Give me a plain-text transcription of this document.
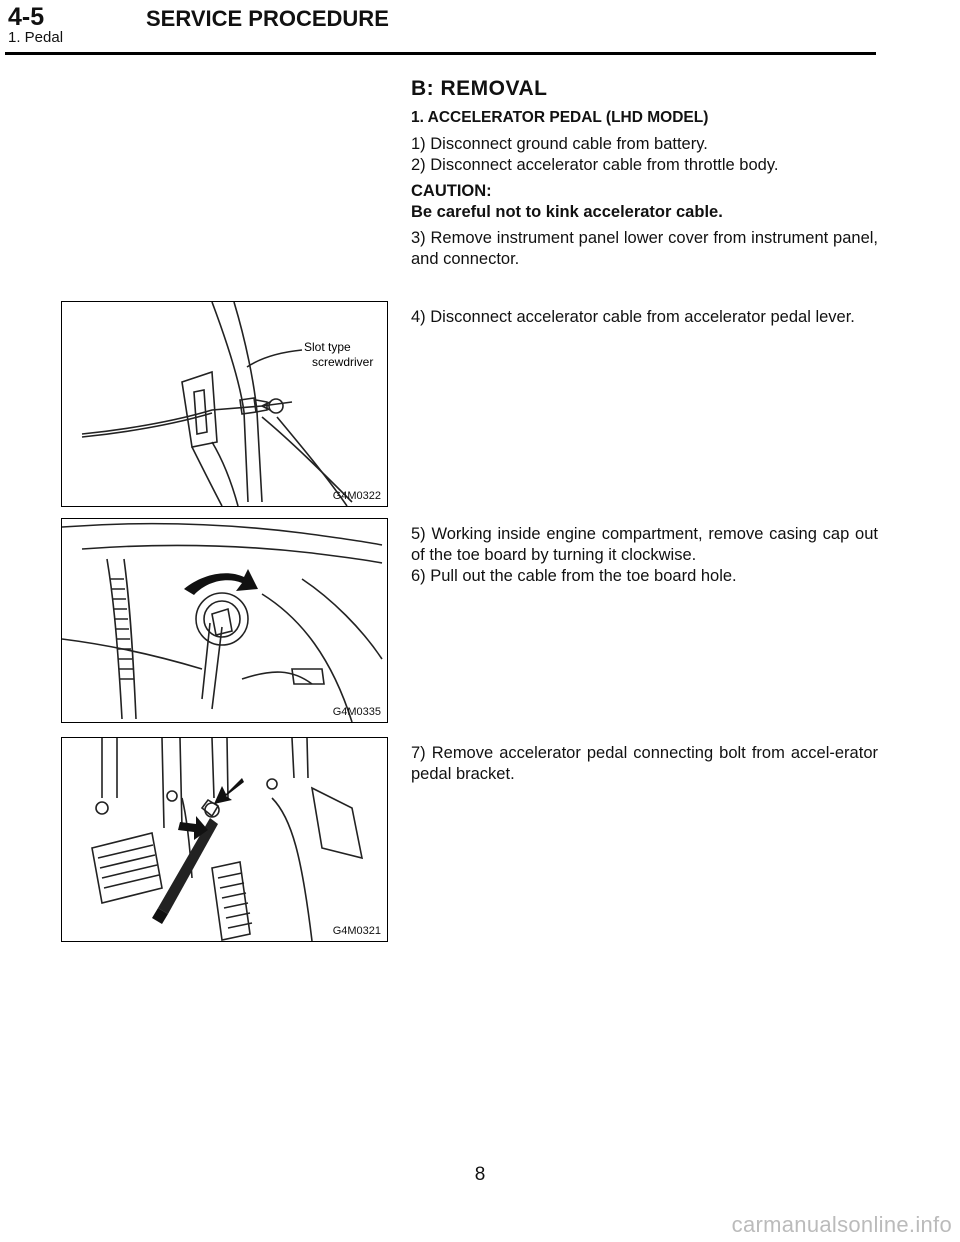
4-5	SERVICE PROCEDURE
1. Pedal
B: REMOVAL
1. ACCELERATOR PEDAL (LHD MODEL)

1) Disconnect ground cable from battery.

2) Disconnect accelerator cable from throttle body.

CAUTION:

Be careful not to kink accelerator cable.

3) Remove instrument panel lower cover from instrument panel, and connector.

4) Disconnect accelerator cable from accelerator pedal lever.

5) Working inside engine compartment, remove casing cap out of the toe board by turning it clockwise.

6) Pull out the cable from the toe board hole.

7) Remove accelerator pedal connecting bolt from accel-erator pedal bracket.
Slot type
screwdriver
G4M0322
G4M0335
G4M0321
8
carmanualsonline.info
